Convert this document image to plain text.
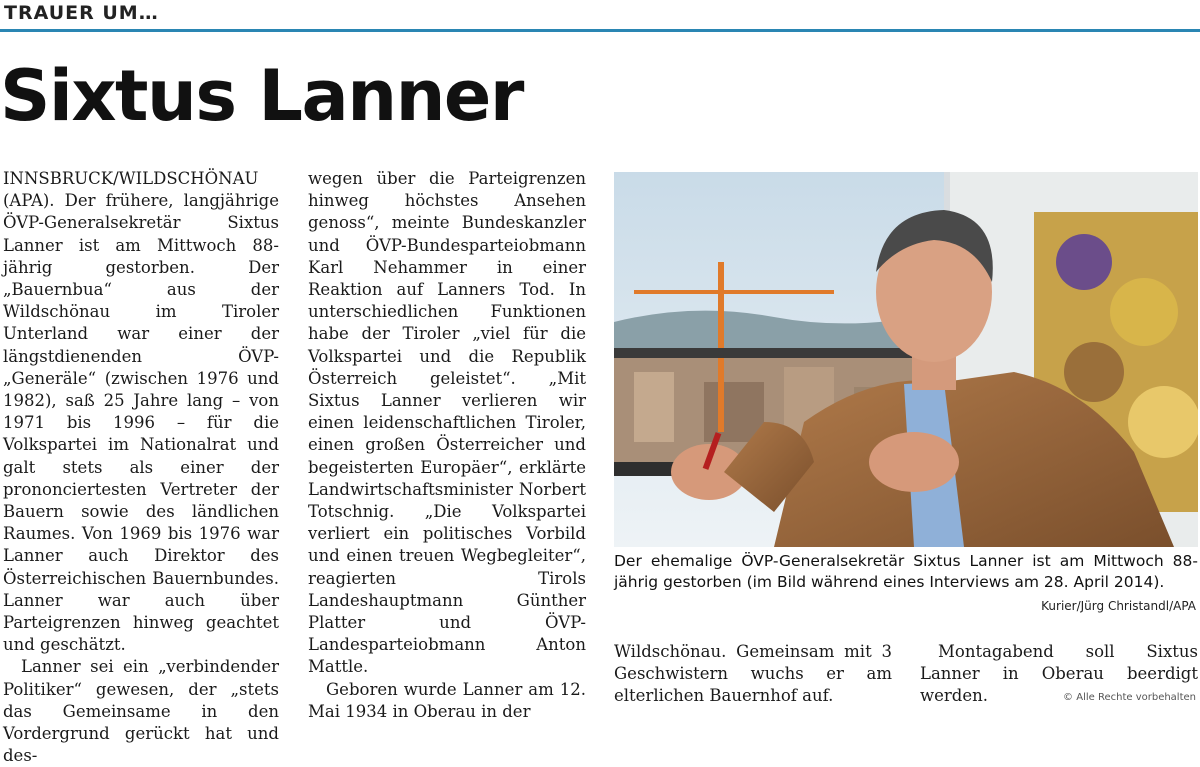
TRAUER UM…
Sixtus Lanner

INNSBRUCK/WILDSCHÖNAU (APA). Der frühere, langjährige ÖVP-Generalsekretär Sixtus Lanner ist am Mittwoch 88-jährig gestorben. Der „Bauernbua“ aus der Wildschönau im Tiroler Unterland war einer der längstdienenden ÖVP-„Generäle“ (zwischen 1976 und 1982), saß 25 Jahre lang – von 1971 bis 1996 – für die Volkspartei im Nationalrat und galt stets als einer der prononciertesten Vertreter der Bauern sowie des ländlichen Raumes. Von 1969 bis 1976 war Lanner auch Direktor des Österreichischen Bauernbundes. Lanner war auch über Parteigrenzen hinweg geachtet und geschätzt.

Lanner sei ein „verbindender Politiker“ gewesen, der „stets das Gemeinsame in den Vordergrund gerückt hat und des-

wegen über die Parteigrenzen hinweg höchstes Ansehen genoss“, meinte Bundeskanzler und ÖVP-Bundesparteiobmann Karl Nehammer in einer Reaktion auf Lanners Tod. In unterschiedlichen Funktionen habe der Tiroler „viel für die Volkspartei und die Republik Österreich geleistet“. „Mit Sixtus Lanner verlieren wir einen leidenschaftlichen Tiroler, einen großen Österreicher und begeisterten Europäer“, erklärte Landwirtschaftsminister Norbert Totschnig. „Die Volkspartei verliert ein politisches Vorbild und einen treuen Wegbegleiter“, reagierten Tirols Landeshauptmann Günther Platter und ÖVP-Landesparteiobmann Anton Mattle.

Geboren wurde Lanner am 12. Mai 1934 in Oberau in der

Der ehemalige ÖVP-Generalsekretär Sixtus Lanner ist am Mittwoch 88-jährig gestorben (im Bild während eines Interviews am 28. April 2014).
Kurier/Jürg Christandl/APA

Wildschönau. Gemeinsam mit 3 Geschwistern wuchs er am elterlichen Bauernhof auf.

Montagabend soll Sixtus Lanner in Oberau beerdigt werden.	© Alle Rechte vorbehalten
